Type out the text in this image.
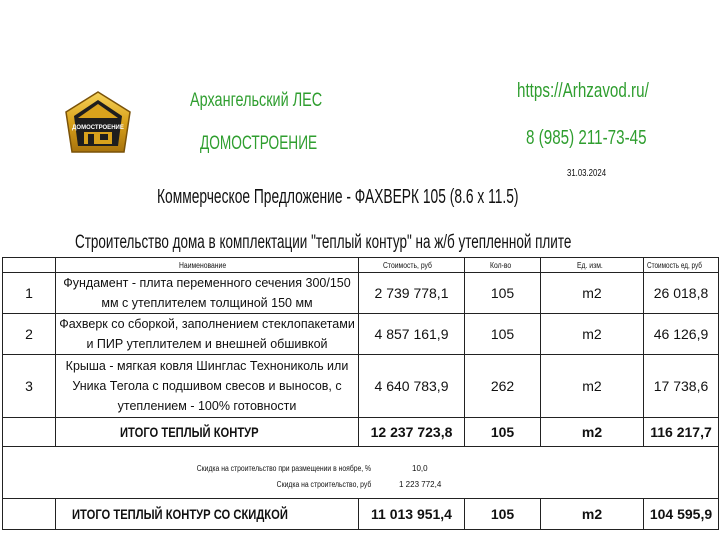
ДОМОСТРОЕНИЕ
Архангельский ЛЕС
ДОМОСТРОЕНИЕ
https://Arhzavod.ru/
8 (985) 211-73-45
31.03.2024
Коммерческое Предложение - ФАХВЕРК 105 (8.6 x 11.5)
Строительство дома в комплектации "теплый контур" на ж/б утепленной плите
	Наименование	Стоимость, руб	Кол-во	Ед. изм.	Стоимость ед, руб
1	Фундамент - плита переменного сечения 300/150 мм с утеплителем толщиной 150 мм	2 739 778,1	105	m2	26 018,8
2	Фахверк со сборкой, заполнением стеклопакетами и ПИР утеплителем и внешней обшивкой	4 857 161,9	105	m2	46 126,9
3	Крыша - мягкая ковля Шинглас Технониколь или Уника Тегола с подшивом свесов и выносов, с утеплением - 100% готовности	4 640 783,9	262	m2	17 738,6
	ИТОГО ТЕПЛЫЙ КОНТУР	12 237 723,8	105	m2	116 217,7

Скидка на строительство при размещении в ноябре, % 10,0
Скидка на строительство, руб 1 223 772,4					

	ИТОГО ТЕПЛЫЙ КОНТУР СО СКИДКОЙ	11 013 951,4	105	m2	104 595,9
